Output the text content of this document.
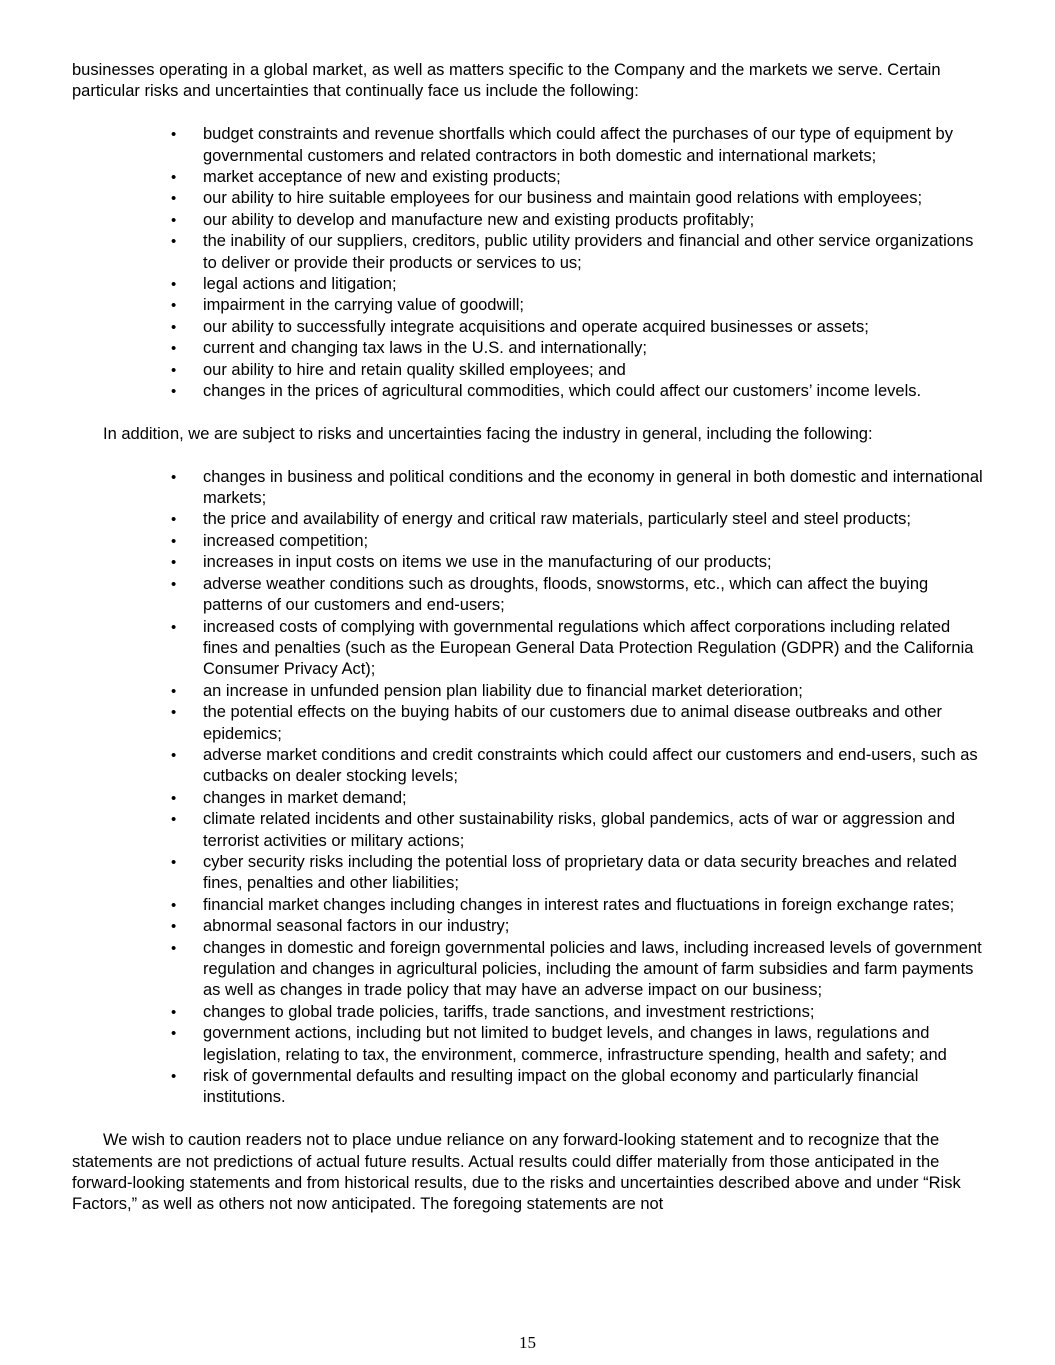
businesses operating in a global market, as well as matters specific to the Company and the markets we serve. Certain particular risks and uncertainties that continually face us include the following:

• budget constraints and revenue shortfalls which could affect the purchases of our type of equipment by governmental customers and related contractors in both domestic and international markets;
• market acceptance of new and existing products;
• our ability to hire suitable employees for our business and maintain good relations with employees;
• our ability to develop and manufacture new and existing products profitably;
• the inability of our suppliers, creditors, public utility providers and financial and other service organizations to deliver or provide their products or services to us;
• legal actions and litigation;
• impairment in the carrying value of goodwill;
• our ability to successfully integrate acquisitions and operate acquired businesses or assets;
• current and changing tax laws in the U.S. and internationally;
• our ability to hire and retain quality skilled employees; and
• changes in the prices of agricultural commodities, which could affect our customers’ income levels.

In addition, we are subject to risks and uncertainties facing the industry in general, including the following:

• changes in business and political conditions and the economy in general in both domestic and international markets;
• the price and availability of energy and critical raw materials, particularly steel and steel products;
• increased competition;
• increases in input costs on items we use in the manufacturing of our products;
• adverse weather conditions such as droughts, floods, snowstorms, etc., which can affect the buying patterns of our customers and end-users;
• increased costs of complying with governmental regulations which affect corporations including related fines and penalties (such as the European General Data Protection Regulation (GDPR) and the California Consumer Privacy Act);
• an increase in unfunded pension plan liability due to financial market deterioration;
• the potential effects on the buying habits of our customers due to animal disease outbreaks and other epidemics;
• adverse market conditions and credit constraints which could affect our customers and end-users, such as cutbacks on dealer stocking levels;
• changes in market demand;
• climate related incidents and other sustainability risks, global pandemics, acts of war or aggression and terrorist activities or military actions;
• cyber security risks including the potential loss of proprietary data or data security breaches and related fines, penalties and other liabilities;
• financial market changes including changes in interest rates and fluctuations in foreign exchange rates;
• abnormal seasonal factors in our industry;
• changes in domestic and foreign governmental policies and laws, including increased levels of government regulation and changes in agricultural policies, including the amount of farm subsidies and farm payments as well as changes in trade policy that may have an adverse impact on our business;
• changes to global trade policies, tariffs, trade sanctions, and investment restrictions;
• government actions, including but not limited to budget levels, and changes in laws, regulations and legislation, relating to tax, the environment, commerce, infrastructure spending, health and safety; and
• risk of governmental defaults and resulting impact on the global economy and particularly financial institutions.

We wish to caution readers not to place undue reliance on any forward-looking statement and to recognize that the statements are not predictions of actual future results. Actual results could differ materially from those anticipated in the forward-looking statements and from historical results, due to the risks and uncertainties described above and under “Risk Factors,” as well as others not now anticipated. The foregoing statements are not

15
